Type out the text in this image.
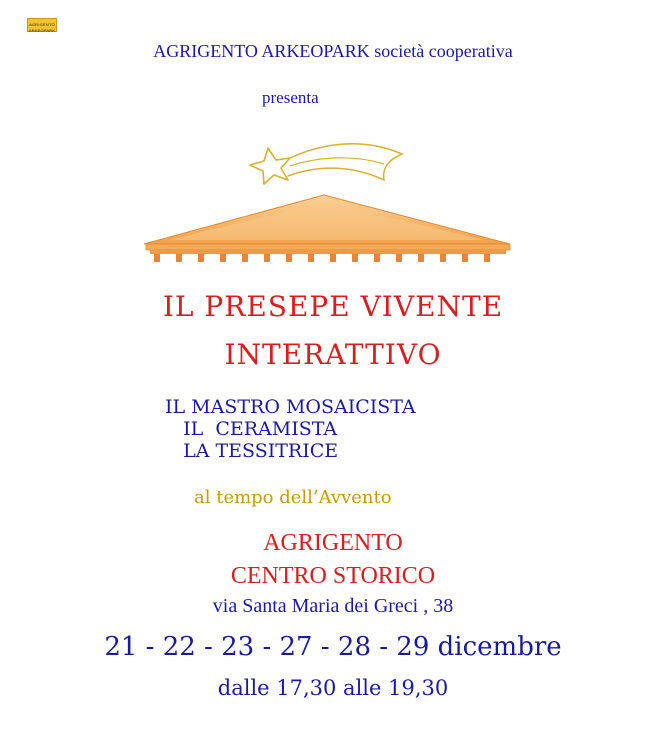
AGRIGENTO ARKEOPARK
AGRIGENTO ARKEOPARK società cooperativa
presenta
IL PRESEPE VIVENTE
INTERATTIVO
IL MASTRO MOSAICISTA
IL  CERAMISTA
LA TESSITRICE
al tempo dell’Avvento
AGRIGENTO
CENTRO STORICO
via Santa Maria dei Greci , 38
21 - 22 - 23 - 27 - 28 - 29 dicembre
dalle 17,30 alle 19,30
